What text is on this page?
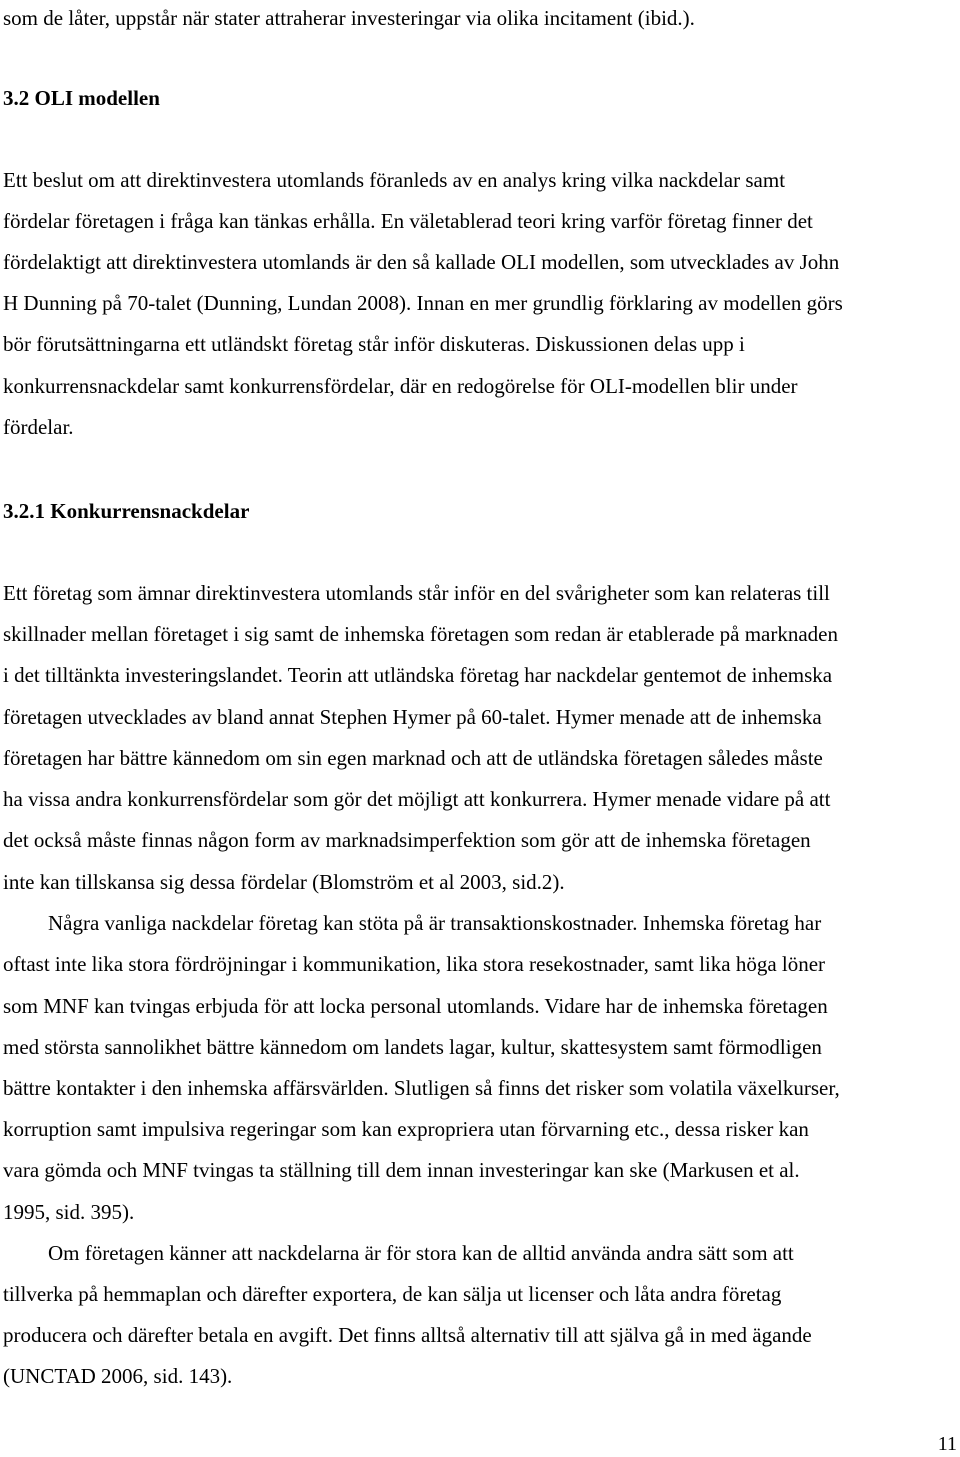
som de låter, uppstår när stater attraherar investeringar via olika incitament (ibid.).
3.2 OLI modellen
Ett beslut om att direktinvestera utomlands föranleds av en analys kring vilka nackdelar samt
fördelar företagen i fråga kan tänkas erhålla. En väletablerad teori kring varför företag finner det
fördelaktigt att direktinvestera utomlands är den så kallade OLI modellen, som utvecklades av John
H Dunning på 70-talet (Dunning, Lundan 2008). Innan en mer grundlig förklaring av modellen görs
bör förutsättningarna ett utländskt företag står inför diskuteras. Diskussionen delas upp i
konkurrensnackdelar samt konkurrensfördelar, där en redogörelse för OLI-modellen blir under
fördelar.
3.2.1 Konkurrensnackdelar
Ett företag som ämnar direktinvestera utomlands står inför en del svårigheter som kan relateras till
skillnader mellan företaget i sig samt de inhemska företagen som redan är etablerade på marknaden
i det tilltänkta investeringslandet. Teorin att utländska företag har nackdelar gentemot de inhemska
företagen utvecklades av bland annat Stephen Hymer på 60-talet. Hymer menade att de inhemska
företagen har bättre kännedom om sin egen marknad och att de utländska företagen således måste
ha vissa andra konkurrensfördelar som gör det möjligt att konkurrera. Hymer menade vidare på att
det också måste finnas någon form av marknadsimperfektion som gör att de inhemska företagen
inte kan tillskansa sig dessa fördelar (Blomström et al 2003, sid.2).
Några vanliga nackdelar företag kan stöta på är transaktionskostnader. Inhemska företag har
oftast inte lika stora fördröjningar i kommunikation, lika stora resekostnader, samt lika höga löner
som MNF kan tvingas erbjuda för att locka personal utomlands. Vidare har de inhemska företagen
med största sannolikhet bättre kännedom om landets lagar, kultur, skattesystem samt förmodligen
bättre kontakter i den inhemska affärsvärlden. Slutligen så finns det risker som volatila växelkurser,
korruption samt impulsiva regeringar som kan expropriera utan förvarning etc., dessa risker kan
vara gömda och MNF tvingas ta ställning till dem innan investeringar kan ske (Markusen et al.
1995, sid. 395).
Om företagen känner att nackdelarna är för stora kan de alltid använda andra sätt som att
tillverka på hemmaplan och därefter exportera, de kan sälja ut licenser och låta andra företag
producera och därefter betala en avgift. Det finns alltså alternativ till att själva gå in med ägande
(UNCTAD 2006, sid. 143).
11
